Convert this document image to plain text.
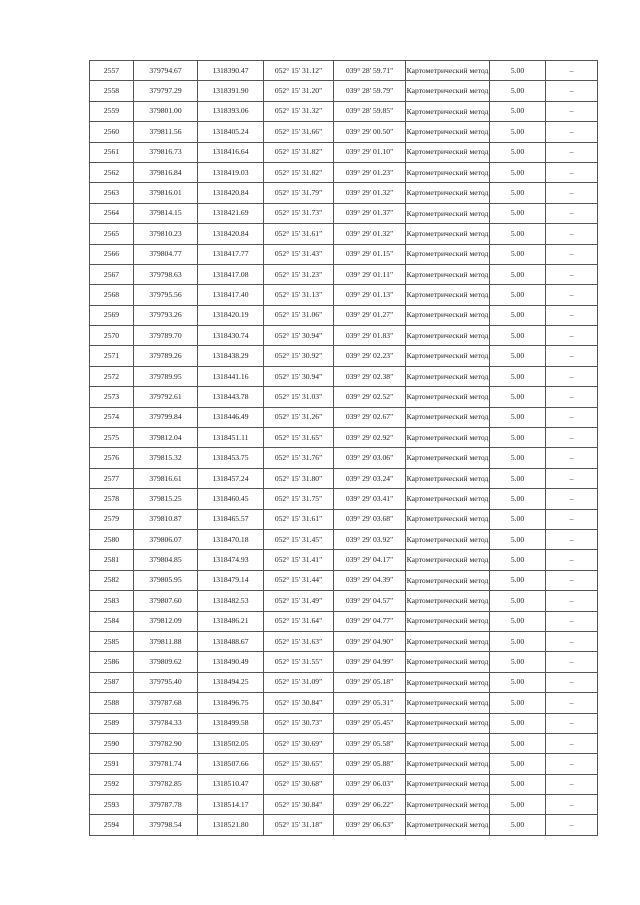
2557	379794.67	1318390.47	052° 15' 31.12"	039° 28' 59.71"	Картометрический метод	5.00	–
2558	379797.29	1318391.90	052° 15' 31.20"	039° 28' 59.79"	Картометрический метод	5.00	–
2559	379801.00	1318393.06	052° 15' 31.32"	039° 28' 59.85"	Картометрический метод	5.00	–
2560	379811.56	1318405.24	052° 15' 31.66"	039° 29' 00.50"	Картометрический метод	5.00	–
2561	379816.73	1318416.64	052° 15' 31.82"	039° 29' 01.10"	Картометрический метод	5.00	–
2562	379816.84	1318419.03	052° 15' 31.82"	039° 29' 01.23"	Картометрический метод	5.00	–
2563	379816.01	1318420.84	052° 15' 31.79"	039° 29' 01.32"	Картометрический метод	5.00	–
2564	379814.15	1318421.69	052° 15' 31.73"	039° 29' 01.37"	Картометрический метод	5.00	–
2565	379810.23	1318420.84	052° 15' 31.61"	039° 29' 01.32"	Картометрический метод	5.00	–
2566	379804.77	1318417.77	052° 15' 31.43"	039° 29' 01.15"	Картометрический метод	5.00	–
2567	379798.63	1318417.08	052° 15' 31.23"	039° 29' 01.11"	Картометрический метод	5.00	–
2568	379795.56	1318417.40	052° 15' 31.13"	039° 29' 01.13"	Картометрический метод	5.00	–
2569	379793.26	1318420.19	052° 15' 31.06"	039° 29' 01.27"	Картометрический метод	5.00	–
2570	379789.70	1318430.74	052° 15' 30.94"	039° 29' 01.83"	Картометрический метод	5.00	–
2571	379789.26	1318438.29	052° 15' 30.92"	039° 29' 02.23"	Картометрический метод	5.00	–
2572	379789.95	1318441.16	052° 15' 30.94"	039° 29' 02.38"	Картометрический метод	5.00	–
2573	379792.61	1318443.78	052° 15' 31.03"	039° 29' 02.52"	Картометрический метод	5.00	–
2574	379799.84	1318446.49	052° 15' 31.26"	039° 29' 02.67"	Картометрический метод	5.00	–
2575	379812.04	1318451.11	052° 15' 31.65"	039° 29' 02.92"	Картометрический метод	5.00	–
2576	379815.32	1318453.75	052° 15' 31.76"	039° 29' 03.06"	Картометрический метод	5.00	–
2577	379816.61	1318457.24	052° 15' 31.80"	039° 29' 03.24"	Картометрический метод	5.00	–
2578	379815.25	1318460.45	052° 15' 31.75"	039° 29' 03.41"	Картометрический метод	5.00	–
2579	379810.87	1318465.57	052° 15' 31.61"	039° 29' 03.68"	Картометрический метод	5.00	–
2580	379806.07	1318470.18	052° 15' 31.45"	039° 29' 03.92"	Картометрический метод	5.00	–
2581	379804.85	1318474.93	052° 15' 31.41"	039° 29' 04.17"	Картометрический метод	5.00	–
2582	379805.95	1318479.14	052° 15' 31.44"	039° 29' 04.39"	Картометрический метод	5.00	–
2583	379807.60	1318482.53	052° 15' 31.49"	039° 29' 04.57"	Картометрический метод	5.00	–
2584	379812.09	1318486.21	052° 15' 31.64"	039° 29' 04.77"	Картометрический метод	5.00	–
2585	379811.88	1318488.67	052° 15' 31.63"	039° 29' 04.90"	Картометрический метод	5.00	–
2586	379809.62	1318490.49	052° 15' 31.55"	039° 29' 04.99"	Картометрический метод	5.00	–
2587	379795.40	1318494.25	052° 15' 31.09"	039° 29' 05.18"	Картометрический метод	5.00	–
2588	379787.68	1318496.75	052° 15' 30.84"	039° 29' 05.31"	Картометрический метод	5.00	–
2589	379784.33	1318499.58	052° 15' 30.73"	039° 29' 05.45"	Картометрический метод	5.00	–
2590	379782.90	1318502.05	052° 15' 30.69"	039° 29' 05.58"	Картометрический метод	5.00	–
2591	379781.74	1318507.66	052° 15' 30.65"	039° 29' 05.88"	Картометрический метод	5.00	–
2592	379782.85	1318510.47	052° 15' 30.68"	039° 29' 06.03"	Картометрический метод	5.00	–
2593	379787.78	1318514.17	052° 15' 30.84"	039° 29' 06.22"	Картометрический метод	5.00	–
2594	379798.54	1318521.80	052° 15' 31.18"	039° 29' 06.63"	Картометрический метод	5.00	–
